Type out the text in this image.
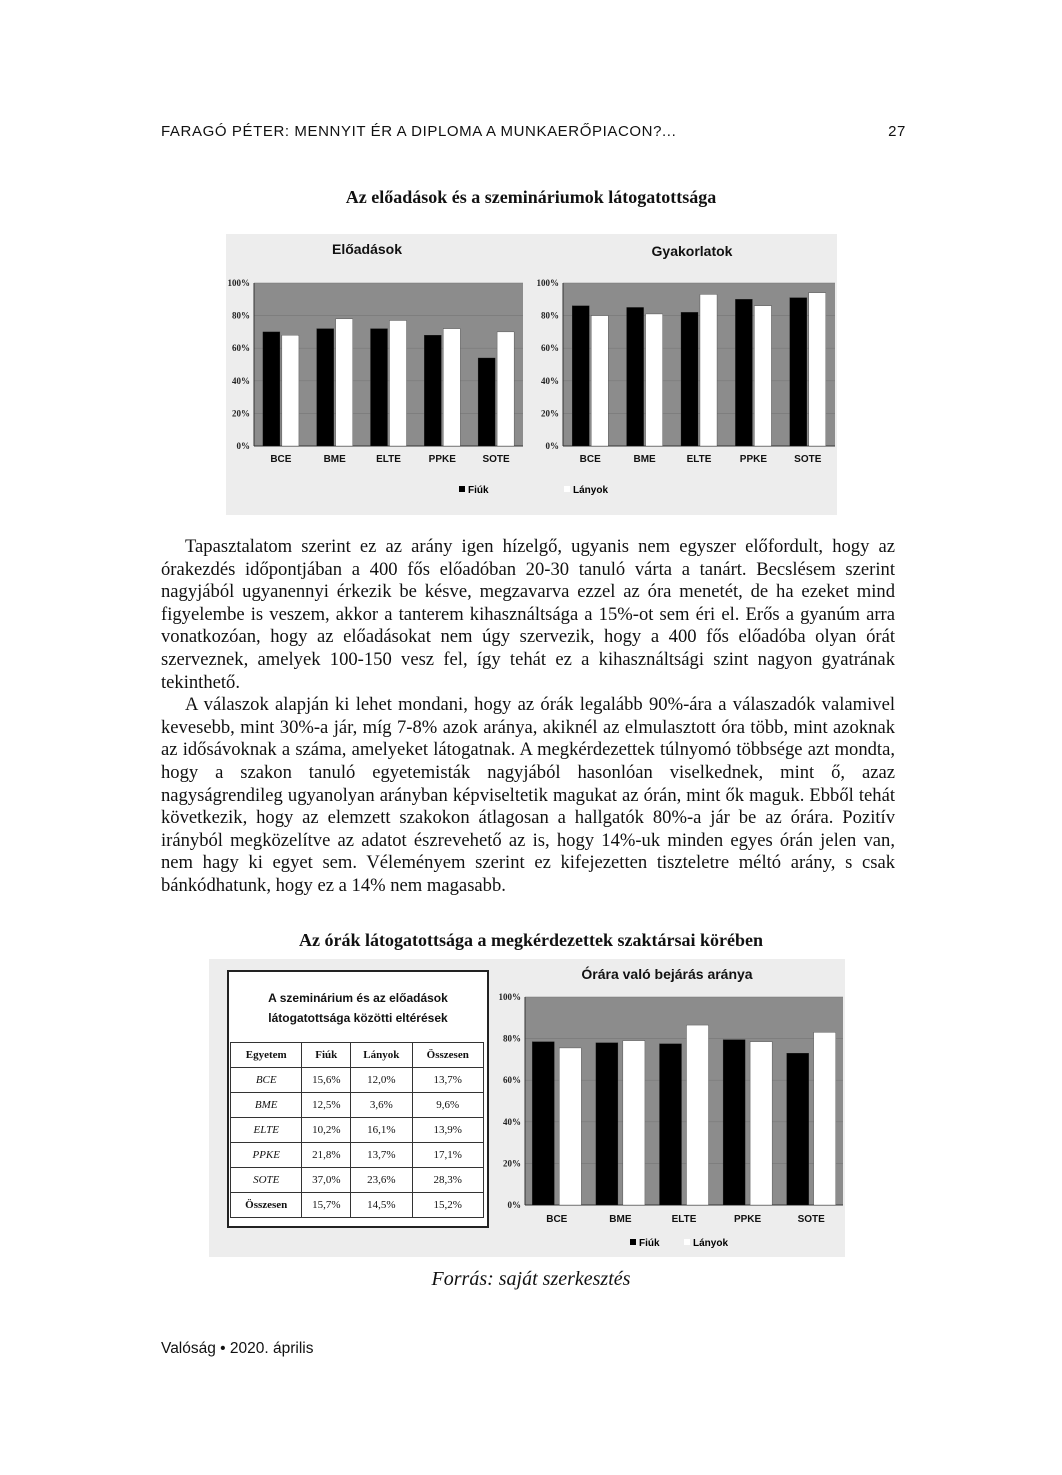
FARAGÓ PÉTER: MENNYIT ÉR A DIPLOMA A MUNKAERŐPIACON?...	27
Az előadások és a szemináriumok látogatottsága
Előadások
0%
20%
40%
60%
80%
100%
BCE	BME	ELTE	PPKE	SOTE
Gyakorlatok
0%
20%
40%
60%
80%
100%
BCE	BME	ELTE	PPKE	SOTE
Fiúk	Lányok

Tapasztalatom szerint ez az arány igen hízelgő, ugyanis nem egyszer előfordult, hogy az órakezdés időpontjában a 400 fős előadóban 20-30 tanuló várta a tanárt. Becslésem szerint nagyjából ugyanennyi érkezik be késve, megzavarva ezzel az óra menetét, de ha ezeket mind figyelembe is veszem, akkor a tanterem kihasználtsága a 15%-ot sem éri el. Erős a gyanúm arra vonatkozóan, hogy az előadásokat nem úgy szervezik, hogy a 400 fős előadóba olyan órát szerveznek, amelyek 100-150 vesz fel, így tehát ez a kihasználtsági szint nagyon gyatrának tekinthető.

A válaszok alapján ki lehet mondani, hogy az órák legalább 90%-ára a válaszadók valamivel kevesebb, mint 30%-a jár, míg 7-8% azok aránya, akiknél az elmulasztott óra több, mint azoknak az idősávoknak a száma, amelyeket látogatnak. A megkérdezettek túlnyomó többsége azt mondta, hogy a szakon tanuló egyetemisták nagyjából hasonlóan viselkednek, mint ő, azaz nagyságrendileg ugyanolyan arányban képviseltetik magukat az órán, mint ők maguk. Ebből tehát következik, hogy az elemzett szakokon átlagosan a hallgatók 80%-a jár be az órára. Pozitív irányból megközelítve az adatot észrevehető az is, hogy 14%-uk minden egyes órán jelen van, nem hagy ki egyet sem. Véleményem szerint ez kifejezetten tiszteletre méltó arány, s csak bánkódhatunk, hogy ez a 14% nem magasabb.

Az órák látogatottsága a megkérdezettek szaktársai körében
Órára való bejárás aránya
0%
20%
40%
60%
80%
100%
BCE	BME	ELTE	PPKE	SOTE
Fiúk	Lányok
A szeminárium és az előadások látogatottsága közötti eltérések
Egyetem	Fiúk	Lányok	Összesen
BCE	15,6%	12,0%	13,7%
BME	12,5%	3,6%	9,6%
ELTE	10,2%	16,1%	13,9%
PPKE	21,8%	13,7%	17,1%
SOTE	37,0%	23,6%	28,3%
Összesen	15,7%	14,5%	15,2%
Forrás: saját szerkesztés
Valóság • 2020. április
